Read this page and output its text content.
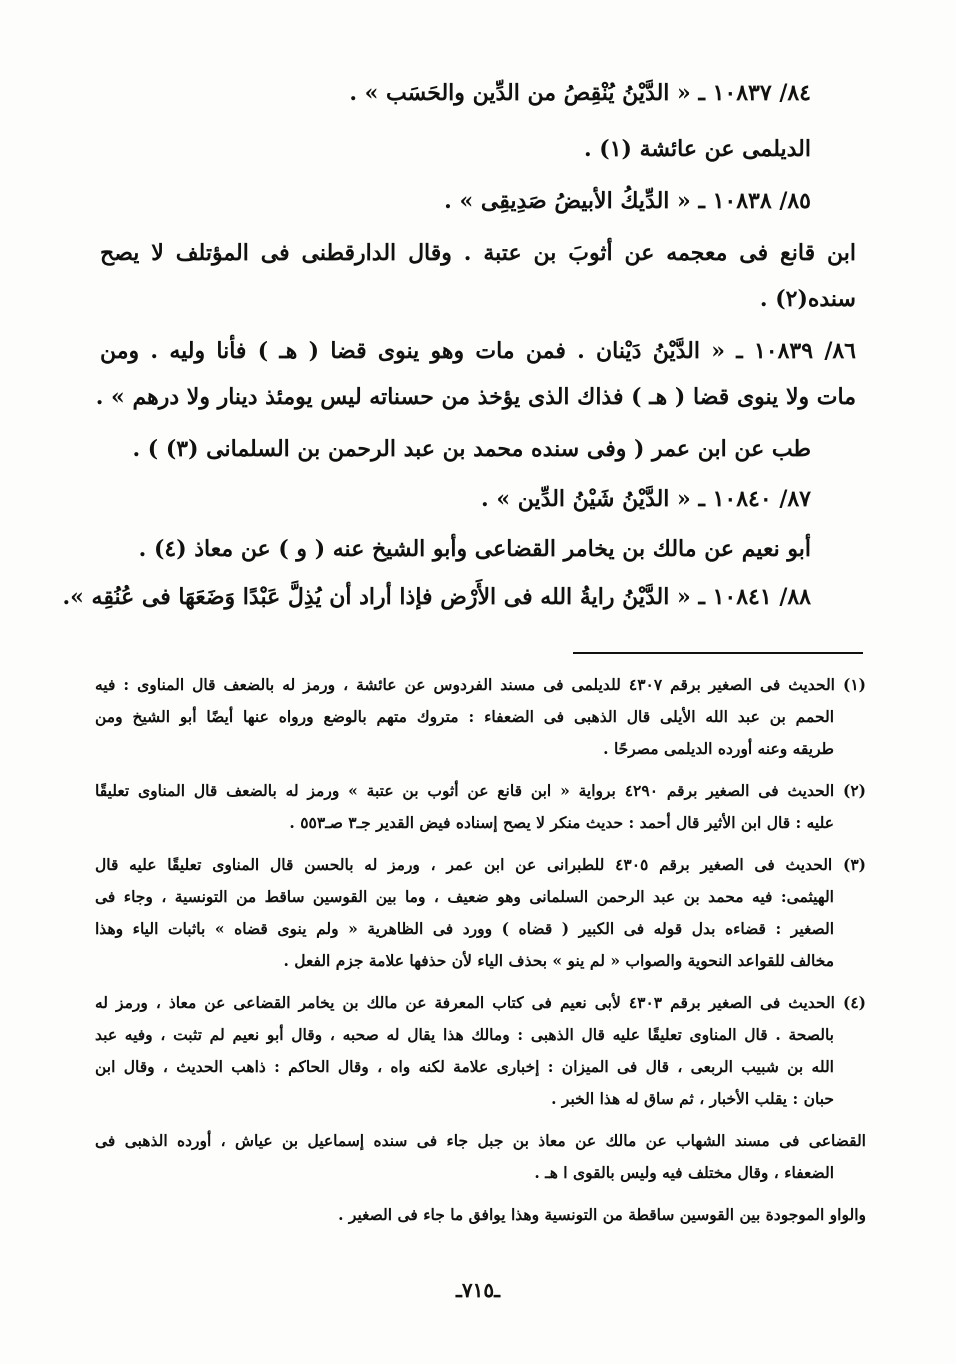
٨٤/ ١٠٨٣٧ ـ « الدَّيْنُ يُنْقِصُ من الدِّين والحَسَب » .
الديلمى عن عائشة (١) .
٨٥/ ١٠٨٣٨ ـ « الدِّيكُ الأبيضُ صَدِيقِى » .
ابن قانع فى معجمه عن أثوبَ بن عتبة . وقال الدارقطنى فى المؤتلف لا يصح
سنده(٢) .
٨٦/ ١٠٨٣٩ ـ « الدَّيْنُ دَيْنان . فمن مات وهو ينوى قضا ( هـ ) فأنا وليه . ومن
مات ولا ينوى قضا ( هـ ) فذاك الذى يؤخذ من حسناته ليس يومئذ دينار ولا درهم » .
طب عن ابن عمر ( وفى سنده محمد بن عبد الرحمن بن السلمانى (٣) ) .
٨٧/ ١٠٨٤٠ ـ « الدَّيْنُ شَيْنُ الدِّين » .
أبو نعيم عن مالك بن يخامر القضاعى وأبو الشيخ عنه ( و ) عن معاذ (٤) .
٨٨/ ١٠٨٤١ ـ « الدَّيْنُ رايةُ الله فى الأَرْض فإذا أراد أن يُذِلَّ عَبْدًا وَضَعَهَا فى عُنُقِه ».
(١) الحديث فى الصغير برقم ٤٣٠٧ للديلمى فى مسند الفردوس عن عائشة ، ورمز له بالضعف قال المناوى : فيه
الحمم بن عبد الله الأيلى قال الذهبى فى الضعفاء : متروك متهم بالوضع ورواه عنها أيضًا أبو الشيخ ومن
طريقه وعنه أورده الديلمى مصرحًا .
(٢) الحديث فى الصغير برقم ٤٢٩٠ برواية « ابن قانع عن أثوب بن عتبة » ورمز له بالضعف قال المناوى تعليقًا
عليه : قال ابن الأثير قال أحمد : حديث منكر لا يصح إسناده فيض القدير جـ٣ صـ٥٥٣ .
(٣) الحديث فى الصغير برقم ٤٣٠٥ للطبرانى عن ابن عمر ، ورمز له بالحسن قال المناوى تعليقًا عليه قال
الهيثمى: فيه محمد بن عبد الرحمن السلمانى وهو ضعيف ، وما بين القوسين ساقط من التونسية ، وجاء فى
الصغير : قضاءه بدل قوله فى الكبير ( قضاه ) وورد فى الظاهرية « ولم ينوى قضاه » باثبات الياء وهذا
مخالف للقواعد النحوية والصواب « لم ينو » بحذف الياء لأن حذفها علامة جزم الفعل .
(٤) الحديث فى الصغير برقم ٤٣٠٣ لأبى نعيم فى كتاب المعرفة عن مالك بن يخامر القضاعى عن معاذ ، ورمز له
بالصحة . قال المناوى تعليقًا عليه قال الذهبى : ومالك هذا يقال له صحبه ، وقال أبو نعيم لم تثبت ، وفيه عبد
الله بن شبيب الربعى ، قال فى الميزان : إخبارى علامة لكنه واه ، وقال الحاكم : ذاهب الحديث ، وقال ابن
حبان : يقلب الأخبار ، ثم ساق له هذا الخبر .
القضاعى فى مسند الشهاب عن مالك عن معاذ بن جبل جاء فى سنده إسماعيل بن عياش ، أورده الذهبى فى
الضعفاء ، وقال مختلف فيه وليس بالقوى ا هـ .
والواو الموجودة بين القوسين ساقطة من التونسية وهذا يوافق ما جاء فى الصغير .
ـ٧١٥ـ
